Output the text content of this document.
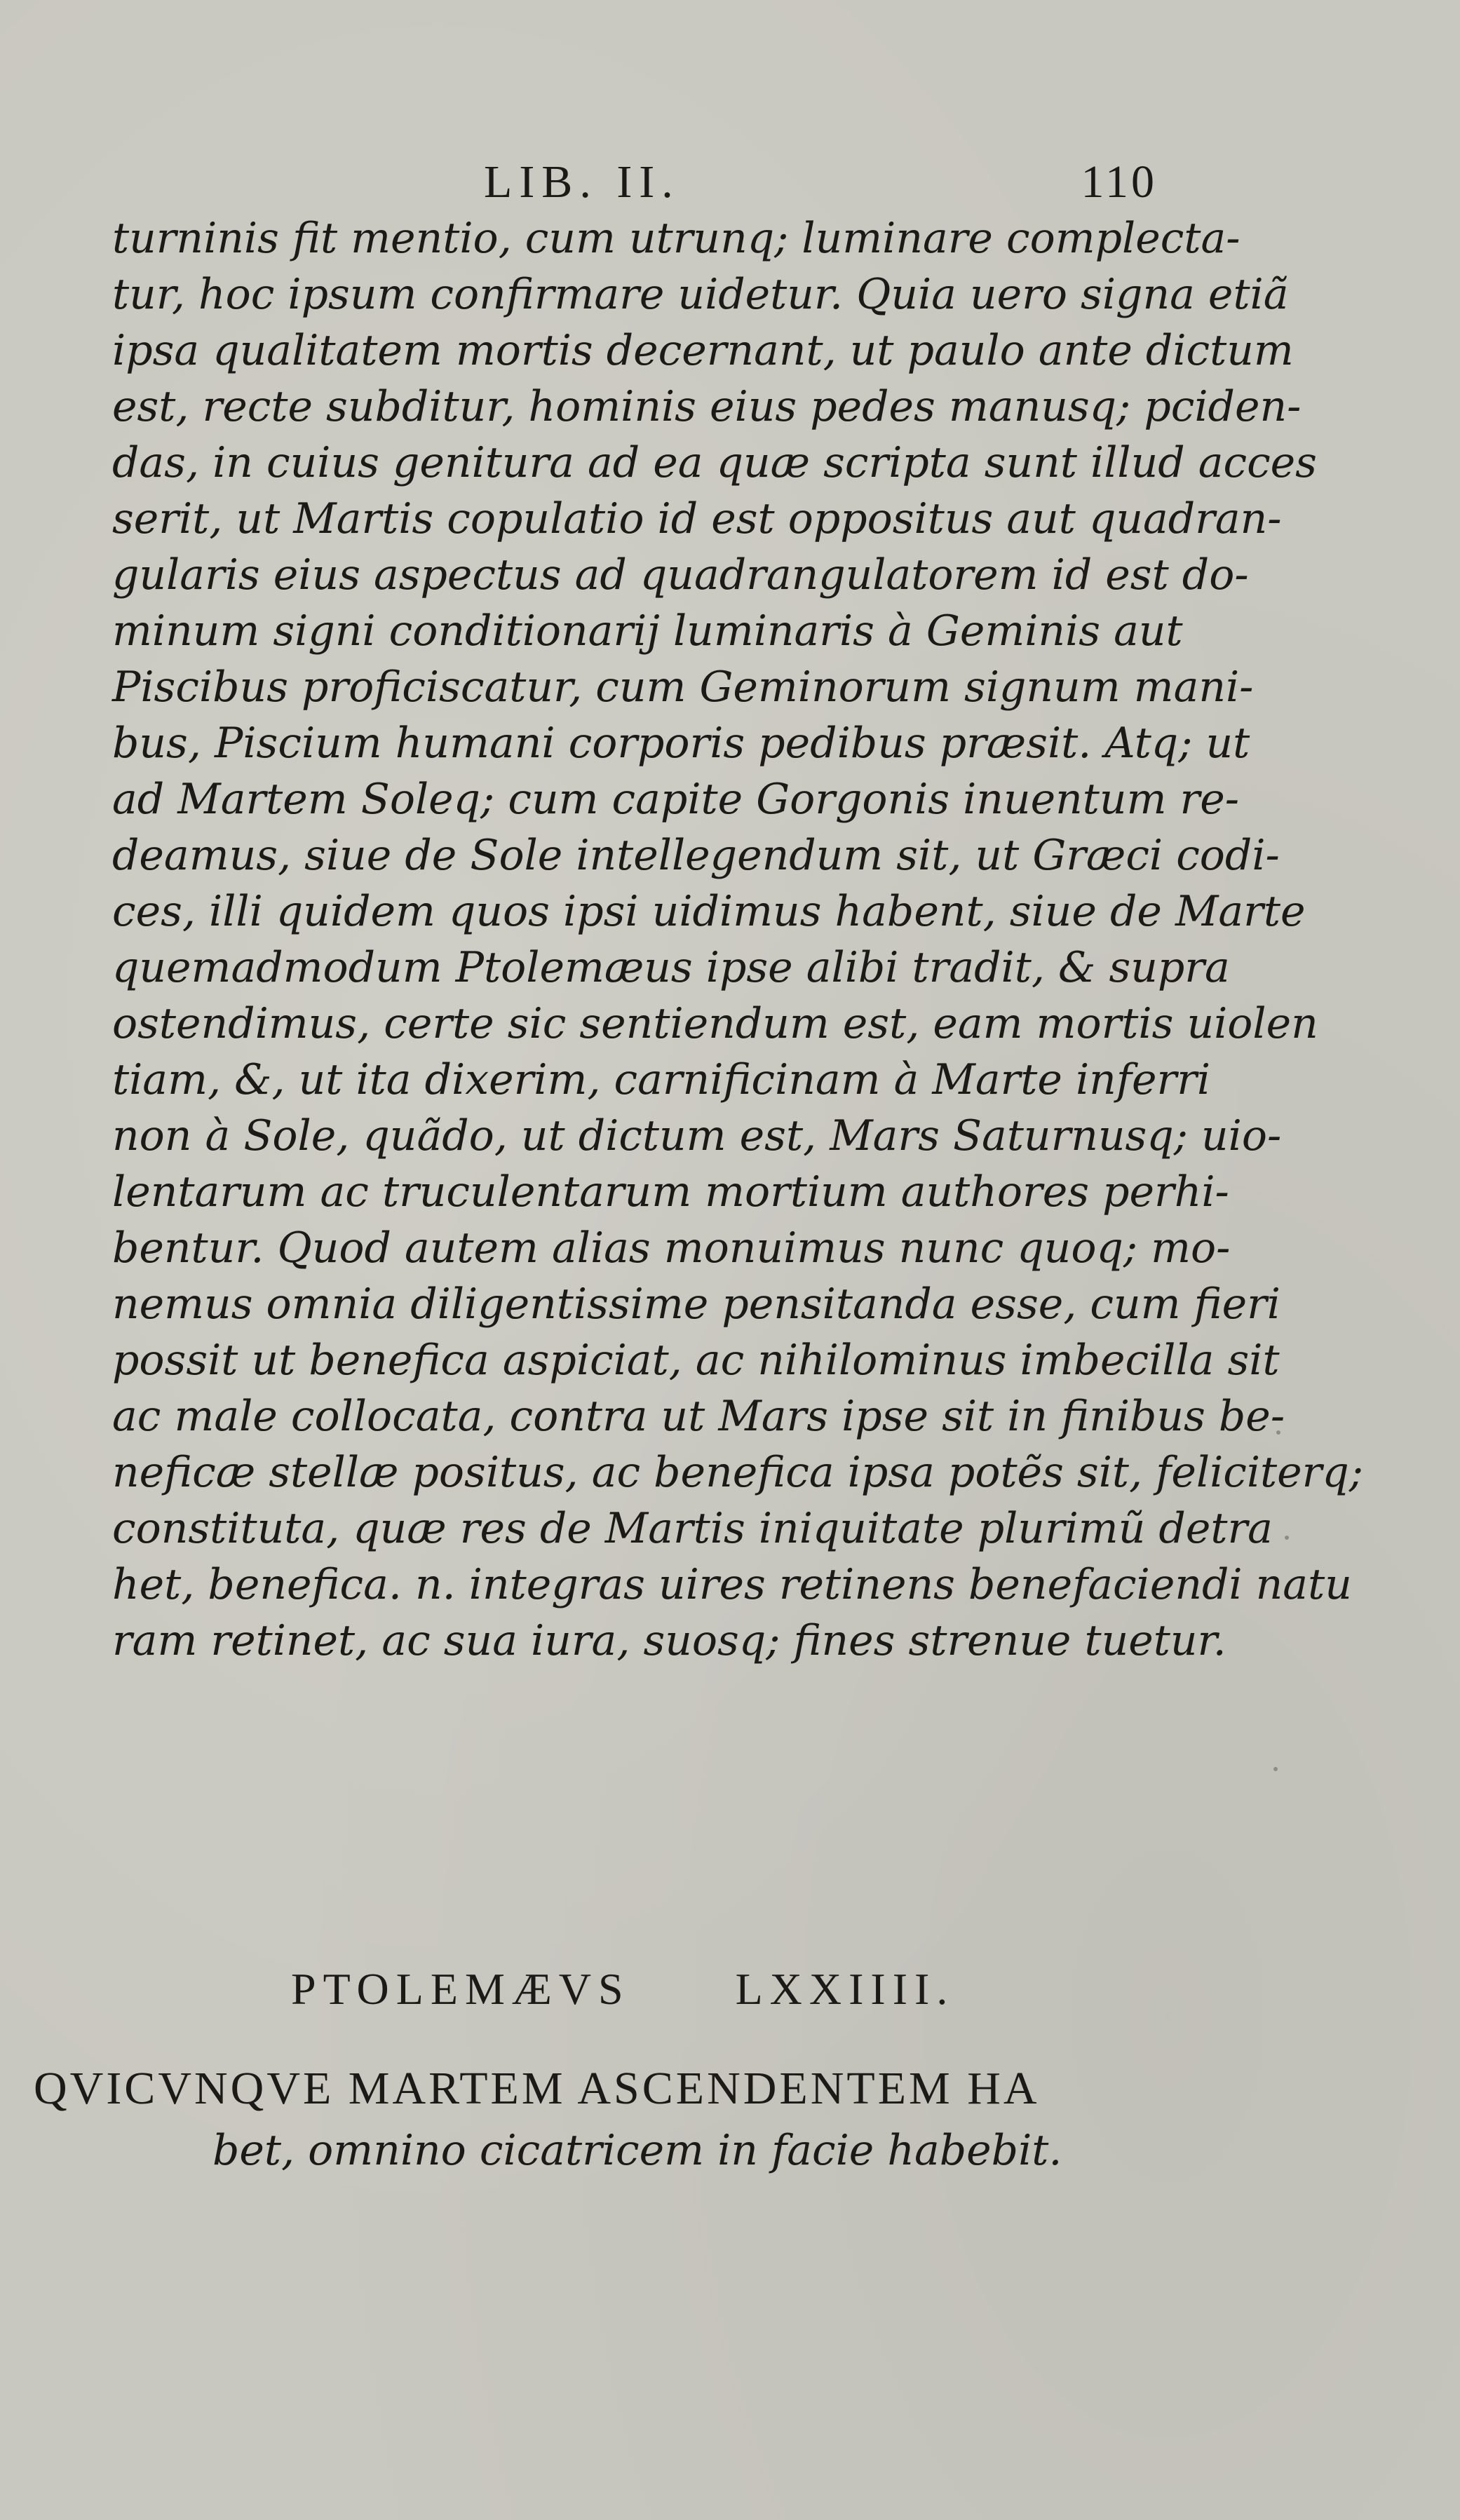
LIB. II.	110
turninis fit mentio, cum utrunq; luminare complecta-
tur, hoc ipsum confirmare uidetur. Quia uero signa etiã
ipsa qualitatem mortis decernant, ut paulo ante dictum
est, recte subditur, hominis eius pedes manusq; pciden-
das, in cuius genitura ad ea quæ scripta sunt illud acces
serit, ut Martis copulatio id est oppositus aut quadran-
gularis eius aspectus ad quadrangulatorem id est do-
minum signi conditionarij luminaris à Geminis aut
Piscibus proficiscatur, cum Geminorum signum mani-
bus, Piscium humani corporis pedibus præsit. Atq; ut
ad Martem Soleq; cum capite Gorgonis inuentum re-
deamus, siue de Sole intellegendum sit, ut Græci codi-
ces, illi quidem quos ipsi uidimus habent, siue de Marte
quemadmodum Ptolemæus ipse alibi tradit, & supra
ostendimus, certe sic sentiendum est, eam mortis uiolen
tiam, &, ut ita dixerim, carnificinam à Marte inferri
non à Sole, quãdo, ut dictum est, Mars Saturnusq; uio-
lentarum ac truculentarum mortium authores perhi-
bentur. Quod autem alias monuimus nunc quoq; mo-
nemus omnia diligentissime pensitanda esse, cum fieri
possit ut benefica aspiciat, ac nihilominus imbecilla sit
ac male collocata, contra ut Mars ipse sit in finibus be-
neficæ stellæ positus, ac benefica ipsa potẽs sit, feliciterq;
constituta, quæ res de Martis iniquitate plurimũ detra
het, benefica. n. integras uires retinens benefaciendi natu
ram retinet, ac sua iura, suosq; fines strenue tuetur.
PTOLEMÆVS LXXIIII.
QVICVNQVE MARTEM ASCENDENTEM HA
bet, omnino cicatricem in facie habebit.
